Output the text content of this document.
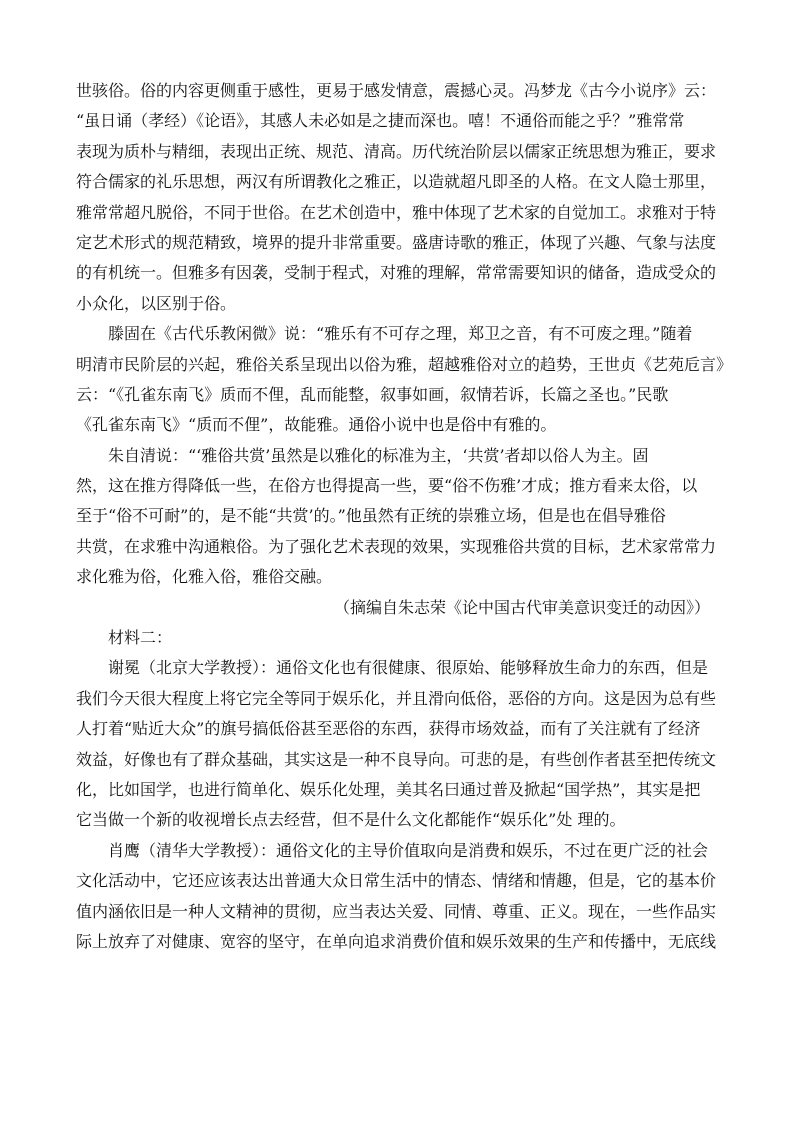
世骇俗。俗的内容更侧重于感性，更易于感发情意，震撼心灵。冯梦龙《古今小说序》云：
“虽日诵（孝经）《论语》，其感人未必如是之捷而深也。嘻！不通俗而能之乎？”雅常常
表现为质朴与精细，表现出正统、规范、清高。历代统治阶层以儒家正统思想为雅正，要求
符合儒家的礼乐思想，两汉有所谓教化之雅正，以造就超凡即圣的人格。在文人隐士那里，
雅常常超凡脱俗，不同于世俗。在艺术创造中，雅中体现了艺术家的自觉加工。求雅对于特
定艺术形式的规范精致，境界的提升非常重要。盛唐诗歌的雅正，体现了兴趣、气象与法度
的有机统一。但雅多有因袭，受制于程式，对雅的理解，常常需要知识的储备，造成受众的
小众化，以区别于俗。
滕固在《古代乐教闲微》说：“雅乐有不可存之理，郑卫之音，有不可废之理。”随着
明清市民阶层的兴起，雅俗关系呈现出以俗为雅，超越雅俗对立的趋势，王世贞《艺苑卮言》
云：“《孔雀东南飞》质而不俚，乱而能整，叙事如画，叙情若诉，长篇之圣也。”民歌
《孔雀东南飞》“质而不俚”，故能雅。通俗小说中也是俗中有雅的。
朱自清说：“‘雅俗共赏’虽然是以雅化的标准为主，‘共赏’者却以俗人为主。固
然，这在推方得降低一些，在俗方也得提高一些，要“俗不伤雅’才成；推方看来太俗，以
至于“俗不可耐”的，是不能“共赏’的。”他虽然有正统的崇雅立场，但是也在倡导雅俗
共赏，在求雅中沟通粮俗。为了强化艺术表现的效果，实现雅俗共赏的目标，艺术家常常力
求化雅为俗，化雅入俗，雅俗交融。
（摘编自朱志荣《论中国古代审美意识变迁的动因》）
材料二：
谢冕（北京大学教授）：通俗文化也有很健康、很原始、能够释放生命力的东西，但是
我们今天很大程度上将它完全等同于娱乐化，并且滑向低俗，恶俗的方向。这是因为总有些
人打着“贴近大众”的旗号搞低俗甚至恶俗的东西，获得市场效益，而有了关注就有了经济
效益，好像也有了群众基础，其实这是一种不良导向。可悲的是，有些创作者甚至把传统文
化，比如国学，也进行简单化、娱乐化处理，美其名曰通过普及掀起“国学热”，其实是把
它当做一个新的收视增长点去经营，但不是什么文化都能作“娱乐化”处 理的。
肖鹰（清华大学教授）：通俗文化的主导价值取向是消费和娱乐，不过在更广泛的社会
文化活动中，它还应该表达出普通大众日常生活中的情态、情绪和情趣，但是，它的基本价
值内涵依旧是一种人文精神的贯彻，应当表达关爱、同情、尊重、正义。现在，一些作品实
际上放弃了对健康、宽容的坚守，在单向追求消费价值和娱乐效果的生产和传播中，无底线
